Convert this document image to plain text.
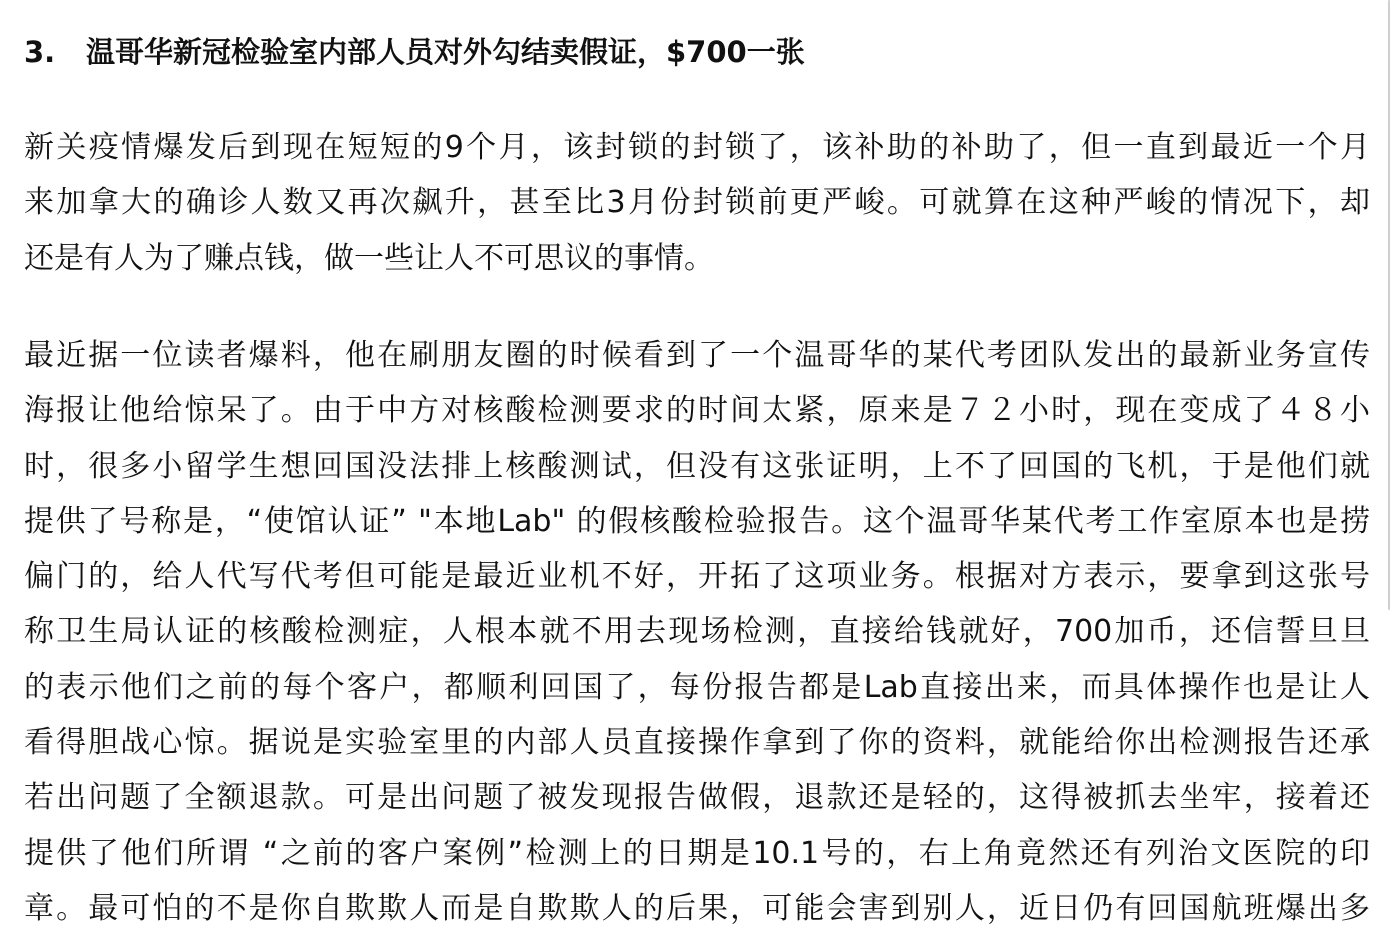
3.	温哥华新冠检验室内部人员对外勾结卖假证，$700一张
新关疫情爆发后到现在短短的9个月，该封锁的封锁了，该补助的补助了，但一直到最近一个月
来加拿大的确诊人数又再次飙升，甚至比3月份封锁前更严峻。可就算在这种严峻的情况下，却
还是有人为了赚点钱，做一些让人不可思议的事情。
最近据一位读者爆料，他在刷朋友圈的时候看到了一个温哥华的某代考团队发出的最新业务宣传
海报让他给惊呆了。由于中方对核酸检测要求的时间太紧，原来是７２小时，现在变成了４８小
时，很多小留学生想回国没法排上核酸测试，但没有这张证明，上不了回国的飞机，于是他们就
提供了号称是，“使馆认证” "本地Lab" 的假核酸检验报告。这个温哥华某代考工作室原本也是捞
偏门的，给人代写代考但可能是最近业机不好，开拓了这项业务。根据对方表示，要拿到这张号
称卫生局认证的核酸检测症，人根本就不用去现场检测，直接给钱就好，700加币，还信誓旦旦
的表示他们之前的每个客户，都顺利回国了，每份报告都是Lab直接出来，而具体操作也是让人
看得胆战心惊。据说是实验室里的内部人员直接操作拿到了你的资料，就能给你出检测报告还承
若出问题了全额退款。可是出问题了被发现报告做假，退款还是轻的，这得被抓去坐牢，接着还
提供了他们所谓 “之前的客户案例”检测上的日期是10.1号的，右上角竟然还有列治文医院的印
章。最可怕的不是你自欺欺人而是自欺欺人的后果，可能会害到别人，近日仍有回国航班爆出多
